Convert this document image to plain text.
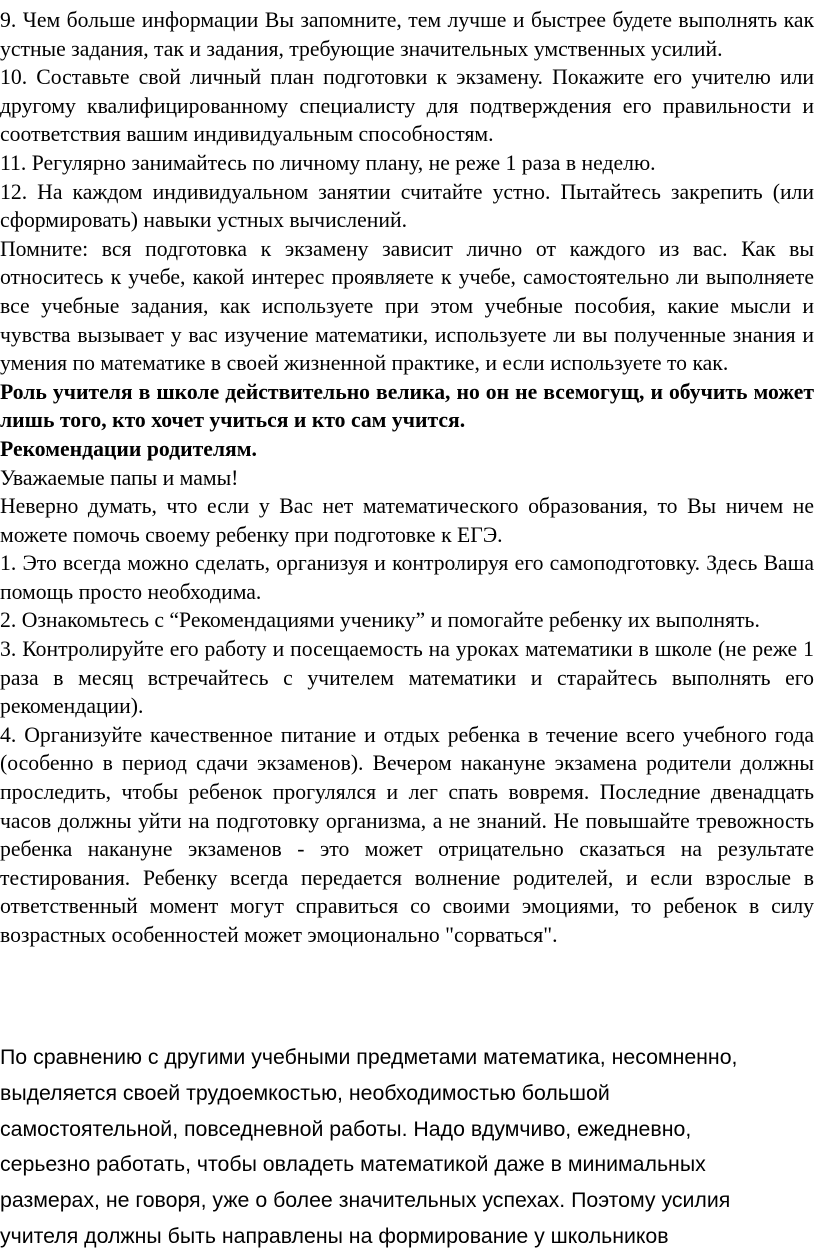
9. Чем больше информации Вы запомните, тем лучше и быстрее будете выполнять как устные задания, так и задания, требующие значительных умственных усилий.

10. Составьте свой личный план подготовки к экзамену. Покажите его учителю или другому квалифицированному специалисту для подтверждения его правильности и соответствия вашим индивидуальным способностям.

11. Регулярно занимайтесь по личному плану, не реже 1 раза в неделю.

12. На каждом индивидуальном занятии считайте устно. Пытайтесь закрепить (или сформировать) навыки устных вычислений.

Помните: вся подготовка к экзамену зависит лично от каждого из вас. Как вы относитесь к учебе, какой интерес проявляете к учебе, самостоятельно ли выполняете все учебные задания, как используете при этом учебные пособия, какие мысли и чувства вызывает у вас изучение математики, используете ли вы полученные знания и умения по математике в своей жизненной практике, и если используете то как.

Роль учителя в школе действительно велика, но он не всемогущ, и обучить может лишь того, кто хочет учиться и кто сам учится.

Рекомендации родителям.

Уважаемые папы и мамы!

Неверно думать, что если у Вас нет математического образования, то Вы ничем не можете помочь своему ребенку при подготовке к ЕГЭ.

1. Это всегда можно сделать, организуя и контролируя его самоподготовку. Здесь Ваша помощь просто необходима.

2. Ознакомьтесь с “Рекомендациями ученику” и помогайте ребенку их выполнять.

3. Контролируйте его работу и посещаемость на уроках математики в школе (не реже 1 раза в месяц встречайтесь с учителем математики и старайтесь выполнять его рекомендации).

4. Организуйте качественное питание и отдых ребенка в течение всего учебного года (особенно в период сдачи экзаменов). Вечером накануне экзамена родители должны проследить, чтобы ребенок прогулялся и лег спать вовремя. Последние двенадцать часов должны уйти на подготовку организма, а не знаний. Не повышайте тревожность ребенка накануне экзаменов - это может отрицательно сказаться на результате тестирования. Ребенку всегда передается волнение родителей, и если взрослые в ответственный момент могут справиться со своими эмоциями, то ребенок в силу возрастных особенностей может эмоционально "сорваться".

По сравнению с другими учебными предметами математика, несомненно,
выделяется своей трудоемкостью, необходимостью большой
самостоятельной, повседневной работы. Надо вдумчиво, ежедневно,
серьезно работать, чтобы овладеть математикой даже в минимальных
размерах, не говоря, уже о более значительных успехах. Поэтому усилия
учителя должны быть направлены на формирование у школьников
